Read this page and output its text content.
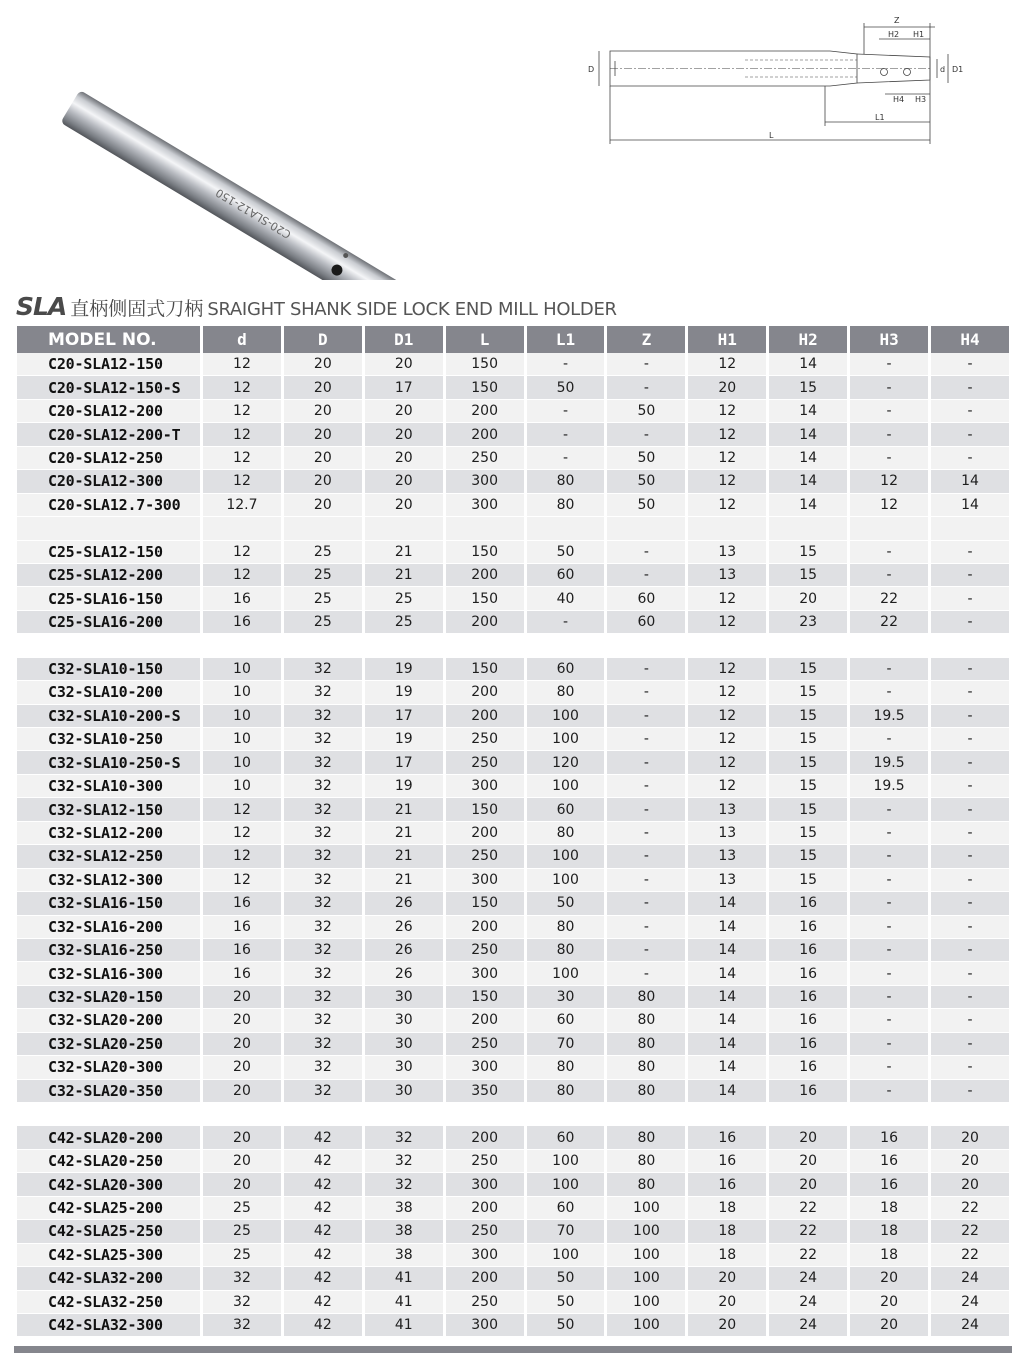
C20-SLA12-150
Z
H2 H1
D	d D1
H4 H3
L1
L
SLA 直柄侧固式刀柄 SRAIGHT SHANK SIDE LOCK END MILL HOLDER
MODEL NO.	d	D	D1	L	L1	Z	H1	H2	H3	H4
C20-SLA12-150	12	20	20	150	-	-	12	14	-	-
C20-SLA12-150-S	12	20	17	150	50	-	20	15	-	-
C20-SLA12-200	12	20	20	200	-	50	12	14	-	-
C20-SLA12-200-T	12	20	20	200	-	-	12	14	-	-
C20-SLA12-250	12	20	20	250	-	50	12	14	-	-
C20-SLA12-300	12	20	20	300	80	50	12	14	12	14
C20-SLA12.7-300	12.7	20	20	300	80	50	12	14	12	14

C25-SLA12-150	12	25	21	150	50	-	13	15	-	-
C25-SLA12-200	12	25	21	200	60	-	13	15	-	-
C25-SLA16-150	16	25	25	150	40	60	12	20	22	-
C25-SLA16-200	16	25	25	200	-	60	12	23	22	-

C32-SLA10-150	10	32	19	150	60	-	12	15	-	-
C32-SLA10-200	10	32	19	200	80	-	12	15	-	-
C32-SLA10-200-S	10	32	17	200	100	-	12	15	19.5	-
C32-SLA10-250	10	32	19	250	100	-	12	15	-	-
C32-SLA10-250-S	10	32	17	250	120	-	12	15	19.5	-
C32-SLA10-300	10	32	19	300	100	-	12	15	19.5	-
C32-SLA12-150	12	32	21	150	60	-	13	15	-	-
C32-SLA12-200	12	32	21	200	80	-	13	15	-	-
C32-SLA12-250	12	32	21	250	100	-	13	15	-	-
C32-SLA12-300	12	32	21	300	100	-	13	15	-	-
C32-SLA16-150	16	32	26	150	50	-	14	16	-	-
C32-SLA16-200	16	32	26	200	80	-	14	16	-	-
C32-SLA16-250	16	32	26	250	80	-	14	16	-	-
C32-SLA16-300	16	32	26	300	100	-	14	16	-	-
C32-SLA20-150	20	32	30	150	30	80	14	16	-	-
C32-SLA20-200	20	32	30	200	60	80	14	16	-	-
C32-SLA20-250	20	32	30	250	70	80	14	16	-	-
C32-SLA20-300	20	32	30	300	80	80	14	16	-	-
C32-SLA20-350	20	32	30	350	80	80	14	16	-	-

C42-SLA20-200	20	42	32	200	60	80	16	20	16	20
C42-SLA20-250	20	42	32	250	100	80	16	20	16	20
C42-SLA20-300	20	42	32	300	100	80	16	20	16	20
C42-SLA25-200	25	42	38	200	60	100	18	22	18	22
C42-SLA25-250	25	42	38	250	70	100	18	22	18	22
C42-SLA25-300	25	42	38	300	100	100	18	22	18	22
C42-SLA32-200	32	42	41	200	50	100	20	24	20	24
C42-SLA32-250	32	42	41	250	50	100	20	24	20	24
C42-SLA32-300	32	42	41	300	50	100	20	24	20	24
